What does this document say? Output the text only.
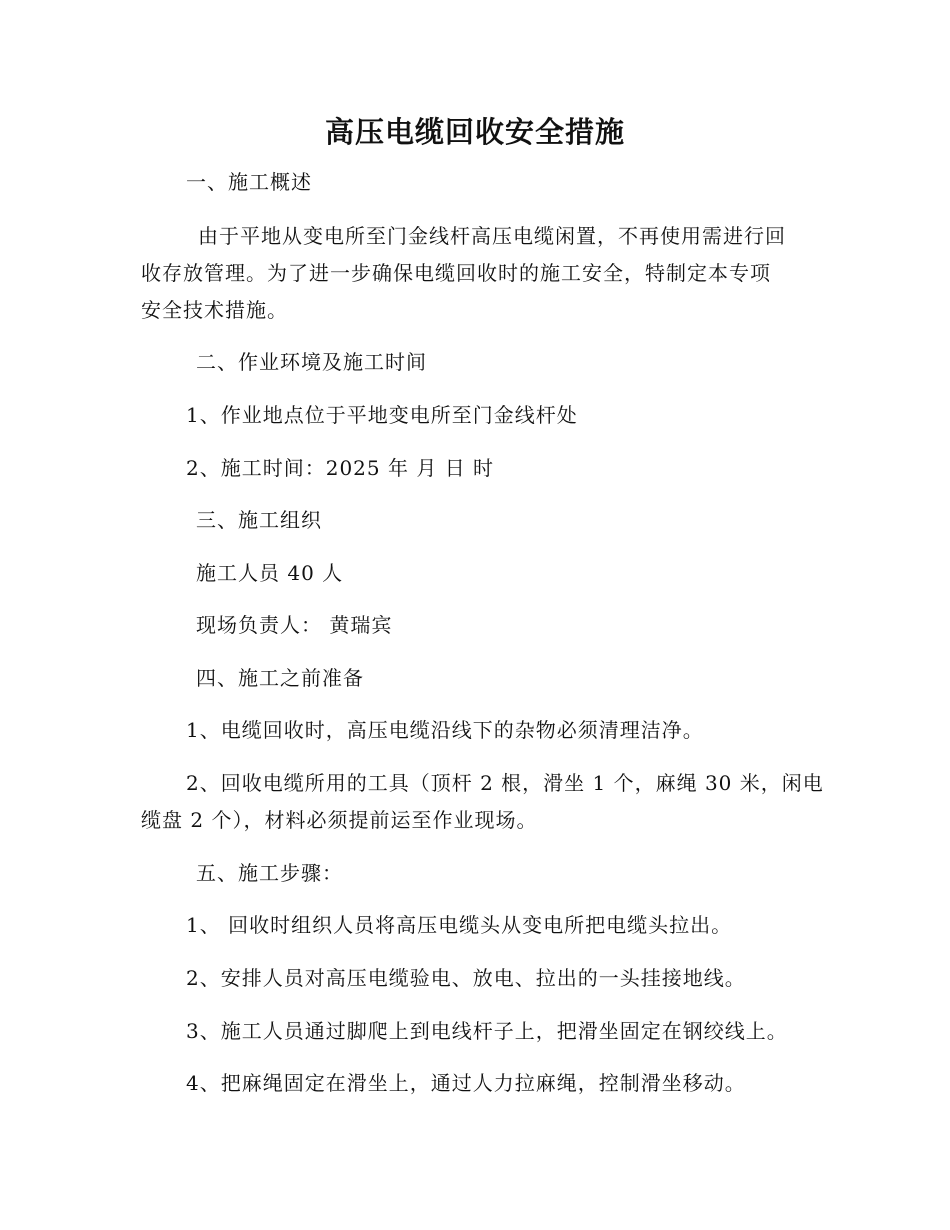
高压电缆回收安全措施
一、施工概述
由于平地从变电所至门金线杆高压电缆闲置，不再使用需进行回
收存放管理。为了进一步确保电缆回收时的施工安全，特制定本专项
安全技术措施。
二、作业环境及施工时间
1、作业地点位于平地变电所至门金线杆处
2、施工时间：2025 年 月 日 时
三、施工组织
施工人员 40 人
现场负责人： 黄瑞宾
四、施工之前准备
1、电缆回收时，高压电缆沿线下的杂物必须清理洁净。
2、回收电缆所用的工具（顶杆 2 根，滑坐 1 个，麻绳 30 米，闲电
缆盘 2 个），材料必须提前运至作业现场。
五、施工步骤：
1、 回收时组织人员将高压电缆头从变电所把电缆头拉出。
2、安排人员对高压电缆验电、放电、拉出的一头挂接地线。
3、施工人员通过脚爬上到电线杆子上，把滑坐固定在钢绞线上。
4、把麻绳固定在滑坐上，通过人力拉麻绳，控制滑坐移动。
